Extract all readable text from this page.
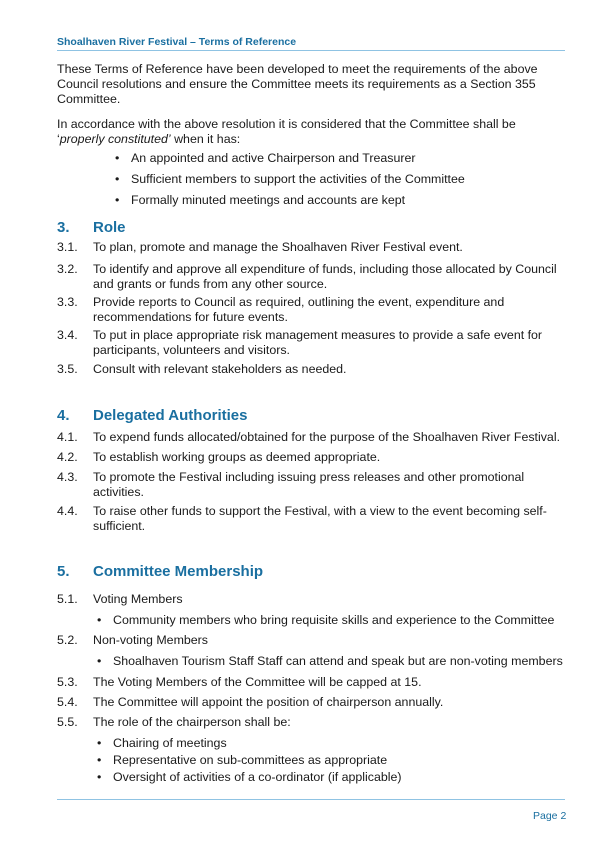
Shoalhaven River Festival – Terms of Reference
These Terms of Reference have been developed to meet the requirements of the above Council resolutions and ensure the Committee meets its requirements as a Section 355 Committee.
In accordance with the above resolution it is considered that the Committee shall be ‘properly constituted’ when it has:
• An appointed and active Chairperson and Treasurer
• Sufficient members to support the activities of the Committee
• Formally minuted meetings and accounts are kept
3. Role
3.1. To plan, promote and manage the Shoalhaven River Festival event.
3.2. To identify and approve all expenditure of funds, including those allocated by Council and grants or funds from any other source.
3.3. Provide reports to Council as required, outlining the event, expenditure and recommendations for future events.
3.4. To put in place appropriate risk management measures to provide a safe event for participants, volunteers and visitors.
3.5. Consult with relevant stakeholders as needed.
4. Delegated Authorities
4.1. To expend funds allocated/obtained for the purpose of the Shoalhaven River Festival.
4.2. To establish working groups as deemed appropriate.
4.3. To promote the Festival including issuing press releases and other promotional activities.
4.4. To raise other funds to support the Festival, with a view to the event becoming self-sufficient.
5. Committee Membership
5.1. Voting Members
• Community members who bring requisite skills and experience to the Committee
5.2. Non-voting Members
• Shoalhaven Tourism Staff Staff can attend and speak but are non-voting members
5.3. The Voting Members of the Committee will be capped at 15.
5.4. The Committee will appoint the position of chairperson annually.
5.5. The role of the chairperson shall be:
• Chairing of meetings
• Representative on sub-committees as appropriate
• Oversight of activities of a co-ordinator (if applicable)
Page 2
